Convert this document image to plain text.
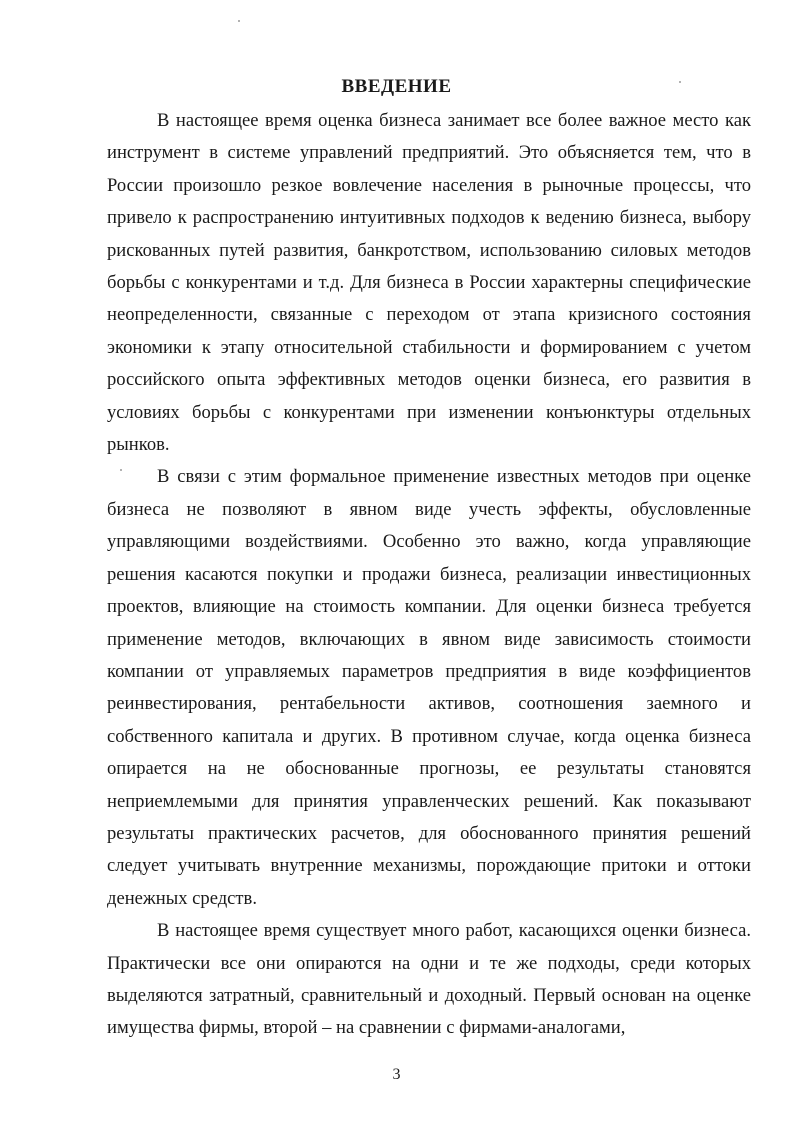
ВВЕДЕНИЕ

В настоящее время оценка бизнеса занимает все более важное место как инструмент в системе управлений предприятий. Это объясняется тем, что в России произошло резкое вовлечение населения в рыночные процессы, что привело к распространению интуитивных подходов к ведению бизнеса, выбору рискованных путей развития, банкротством, использованию силовых методов борьбы с конкурентами и т.д. Для бизнеса в России характерны специфические неопределенности, связанные с переходом от этапа кризисного состояния экономики к этапу относительной стабильности и формированием с учетом российского опыта эффективных методов оценки бизнеса, его развития в условиях борьбы с конкурентами при изменении конъюнктуры отдельных рынков.

В связи с этим формальное применение известных методов при оценке бизнеса не позволяют в явном виде учесть эффекты, обусловленные управляющими воздействиями. Особенно это важно, когда управляющие решения касаются покупки и продажи бизнеса, реализации инвестиционных проектов, влияющие на стоимость компании. Для оценки бизнеса требуется применение методов, включающих в явном виде зависимость стоимости компании от управляемых параметров предприятия в виде коэффициентов реинвестирования, рентабельности активов, соотношения заемного и собственного капитала и других. В противном случае, когда оценка бизнеса опирается на не обоснованные прогнозы, ее результаты становятся неприемлемыми для принятия управленческих решений. Как показывают результаты практических расчетов, для обоснованного принятия решений следует учитывать внутренние механизмы, порождающие притоки и оттоки денежных средств.

В настоящее время существует много работ, касающихся оценки бизнеса. Практически все они опираются на одни и те же подходы, среди которых выделяются затратный, сравнительный и доходный. Первый основан на оценке имущества фирмы, второй – на сравнении с фирмами-аналогами,

3
